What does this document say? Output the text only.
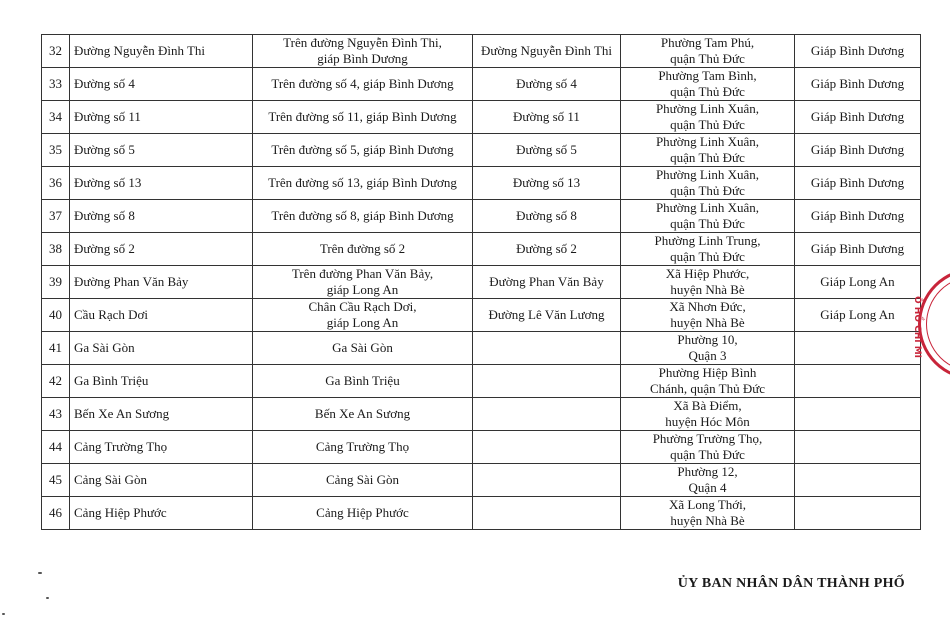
32	Đường Nguyễn Đình Thi	Trên đường Nguyễn Đình Thi,
giáp Bình Dương	Đường Nguyễn Đình Thi	Phường Tam Phú,
quận Thủ Đức	Giáp Bình Dương
33	Đường số 4	Trên đường số 4, giáp Bình Dương	Đường số 4	Phường Tam Bình,
quận Thủ Đức	Giáp Bình Dương
34	Đường số 11	Trên đường số 11, giáp Bình Dương	Đường số 11	Phường Linh Xuân,
quận Thủ Đức	Giáp Bình Dương
35	Đường số 5	Trên đường số 5, giáp Bình Dương	Đường số 5	Phường Linh Xuân,
quận Thủ Đức	Giáp Bình Dương
36	Đường số 13	Trên đường số 13, giáp Bình Dương	Đường số 13	Phường Linh Xuân,
quận Thủ Đức	Giáp Bình Dương
37	Đường số 8	Trên đường số 8, giáp Bình Dương	Đường số 8	Phường Linh Xuân,
quận Thủ Đức	Giáp Bình Dương
38	Đường số 2	Trên đường số 2	Đường số 2	Phường Linh Trung,
quận Thủ Đức	Giáp Bình Dương
39	Đường Phan Văn Bảy	Trên đường Phan Văn Bảy,
giáp Long An	Đường Phan Văn Bảy	Xã Hiệp Phước,
huyện Nhà Bè	Giáp Long An
40	Cầu Rạch Dơi	Chân Cầu Rạch Dơi,
giáp Long An	Đường Lê Văn Lương	Xã Nhơn Đức,
huyện Nhà Bè	Giáp Long An
41	Ga Sài Gòn	Ga Sài Gòn		Phường 10,
Quận 3	

42	Ga Bình Triệu	Ga Bình Triệu		Phường Hiệp Bình
Chánh, quận Thủ Đức	

43	Bến Xe An Sương	Bến Xe An Sương		Xã Bà Điểm,
huyện Hóc Môn	

44	Cảng Trường Thọ	Cảng Trường Thọ		Phường Trường Thọ,
quận Thủ Đức	

45	Cảng Sài Gòn	Cảng Sài Gòn		Phường 12,
Quận 4	

46	Cảng Hiệp Phước	Cảng Hiệp Phước		Xã Long Thới,
huyện Nhà Bè	

Ồ HỒ CHÍ MI
ỦY BAN NHÂN DÂN THÀNH PHỐ
